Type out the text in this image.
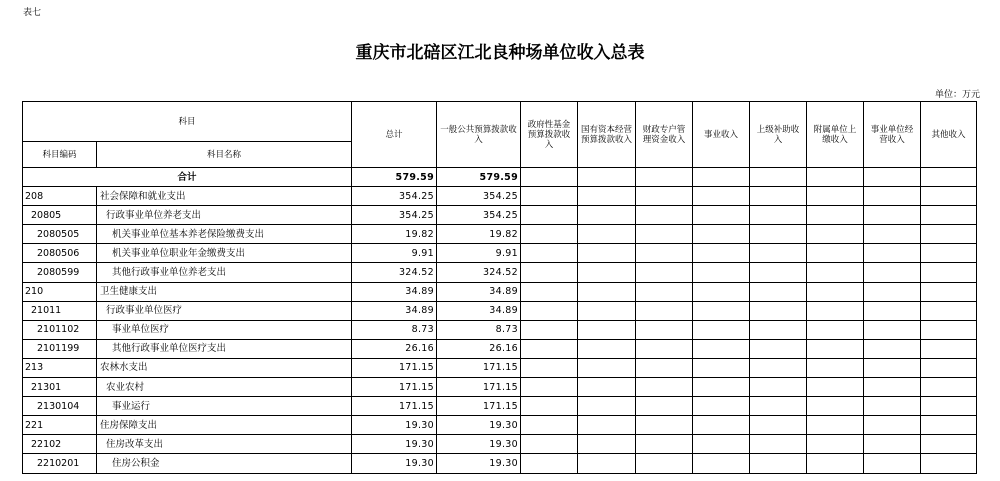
表七
重庆市北碚区江北良种场单位收入总表
单位：万元
科目		总计	一般公共预算拨款收入	政府性基金预算拨款收入	国有资本经营预算拨款收入	财政专户管理资金收入	事业收入	上级补助收入	附属单位上缴收入	事业单位经营收入	其他收入
科目编码	科目名称										
合计		579.59	579.59								
208	社会保障和就业支出	354.25	354.25								
20805	行政事业单位养老支出	354.25	354.25								
2080505	机关事业单位基本养老保险缴费支出	19.82	19.82								
2080506	机关事业单位职业年金缴费支出	9.91	9.91								
2080599	其他行政事业单位养老支出	324.52	324.52								
210	卫生健康支出	34.89	34.89								
21011	行政事业单位医疗	34.89	34.89								
2101102	事业单位医疗	8.73	8.73								
2101199	其他行政事业单位医疗支出	26.16	26.16								
213	农林水支出	171.15	171.15								
21301	农业农村	171.15	171.15								
2130104	事业运行	171.15	171.15								
221	住房保障支出	19.30	19.30								
22102	住房改革支出	19.30	19.30								
2210201	住房公积金	19.30	19.30								
